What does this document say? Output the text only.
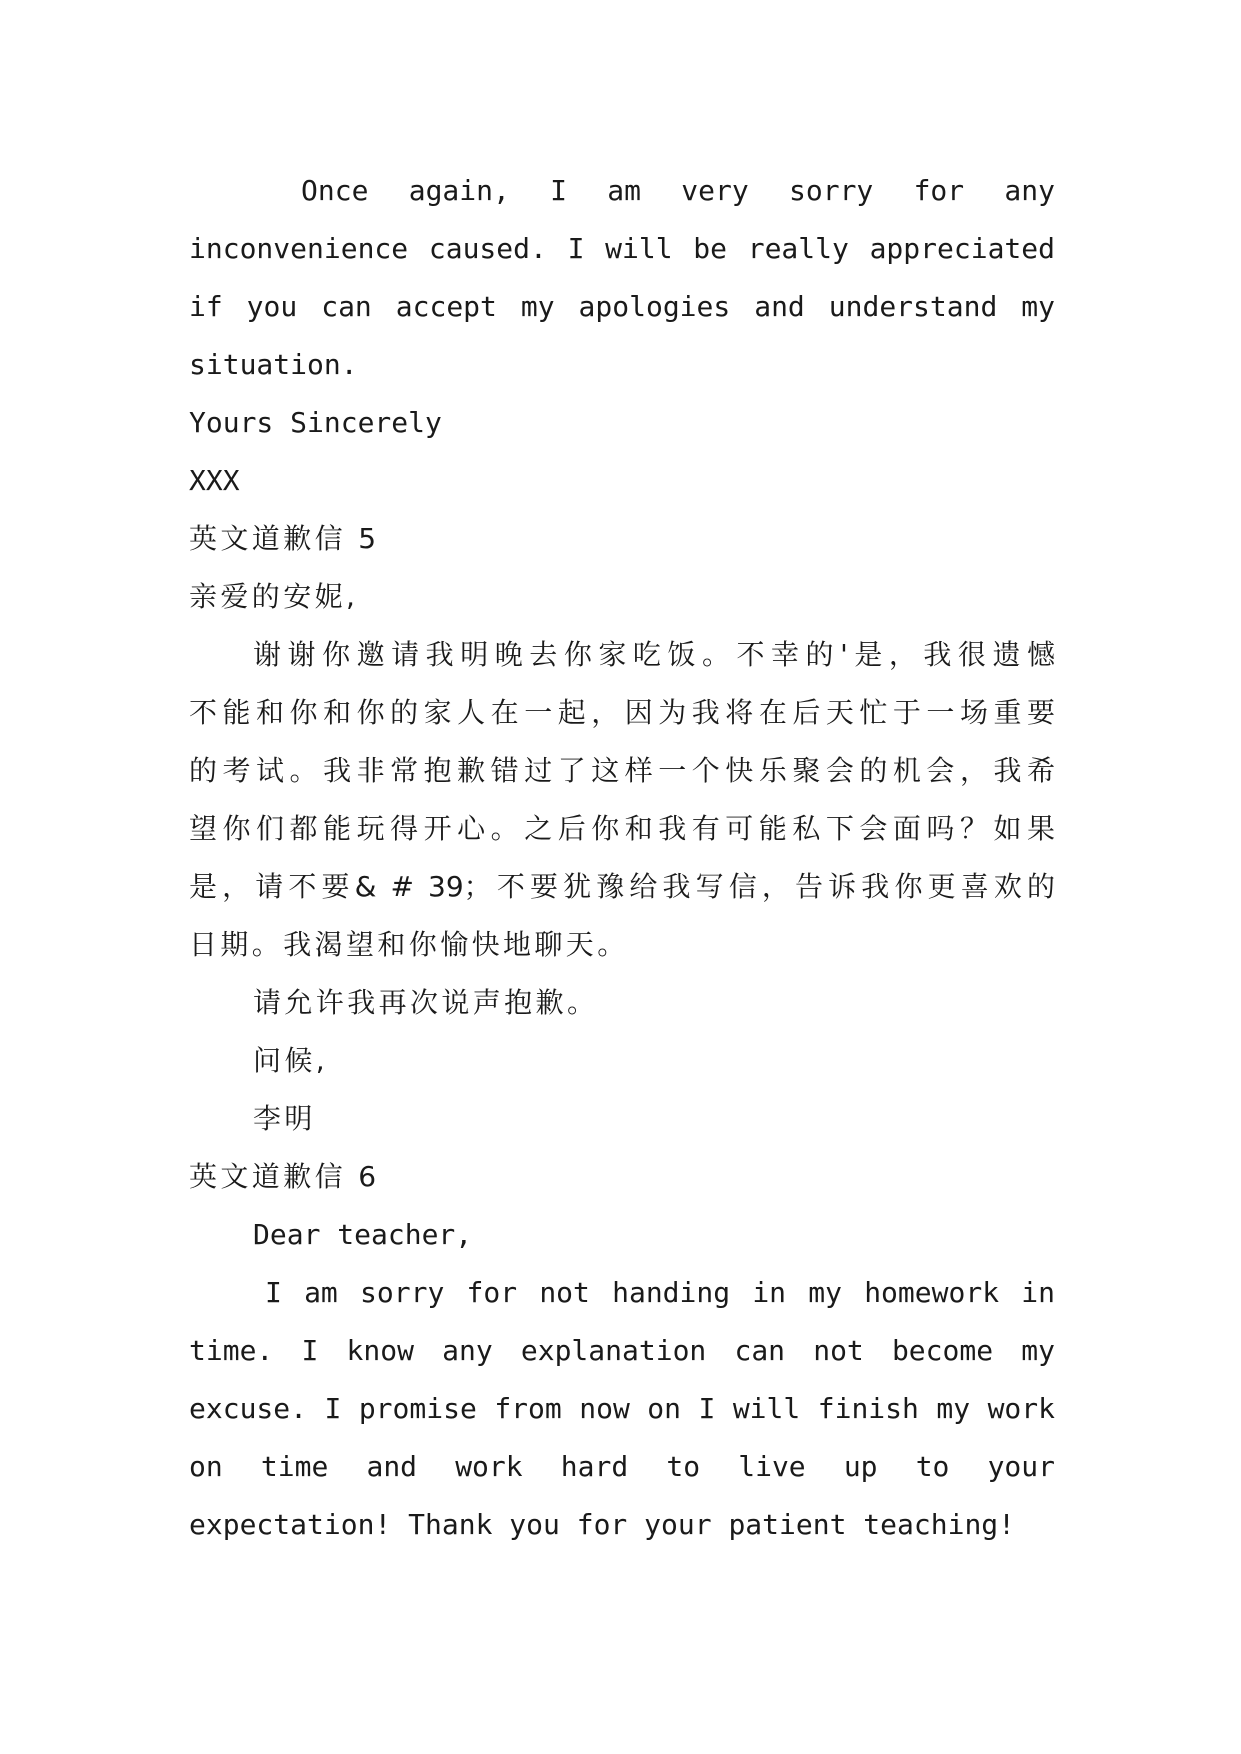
Once again, I am very sorry for any
inconvenience caused. I will be really appreciated
if you can accept my apologies and understand my
situation.
Yours Sincerely
XXX
英文道歉信 5
亲爱的安妮,
谢谢你邀请我明晚去你家吃饭。不幸的'是，我很遗憾
不能和你和你的家人在一起，因为我将在后天忙于一场重要
的考试。我非常抱歉错过了这样一个快乐聚会的机会，我希
望你们都能玩得开心。之后你和我有可能私下会面吗？如果
是，请不要& # 39；不要犹豫给我写信，告诉我你更喜欢的
日期。我渴望和你愉快地聊天。
请允许我再次说声抱歉。
问候,
李明
英文道歉信 6
Dear teacher,
I am sorry for not handing in my homework in
time. I know any explanation can not become my
excuse. I promise from now on I will finish my work
on time and work hard to live up to your
expectation! Thank you for your patient teaching!
